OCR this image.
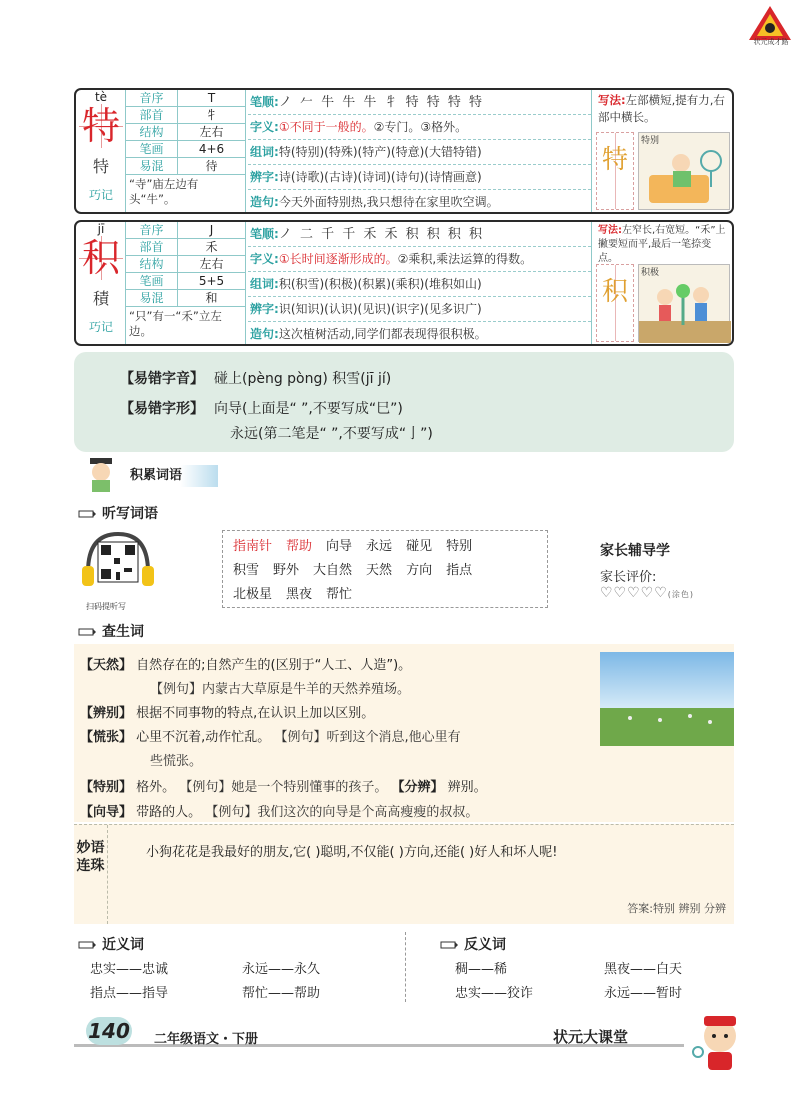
状元成才路
tè
特
特
巧记
音序	T
部首	牜
结构	左右
笔画	4+6
易混	待
“寺”庙左边有头“牛”。
笔顺:ノ 𠂉 牛 牛 牛 牜 特 特 特 特
字义:①不同于一般的。②专门。③格外。
组词:特(特别)(特殊)(特产)(特意)(大错特错)
辨字:诗(诗歌)(古诗)(诗词)(诗句)(诗情画意)
造句:今天外面特别热,我只想待在家里吹空调。
写法:左部横短,提有力,右部中横长。
特
特别
jī
积
積
巧记
音序	J
部首	禾
结构	左右
笔画	5+5
易混	和
“只”有一“禾”立左边。
笔顺:ノ 二 千 千 禾 禾 积 积 积 积
字义:①长时间逐渐形成的。②乘积,乘法运算的得数。
组词:积(积雪)(积极)(积累)(乘积)(堆积如山)
辨字:识(知识)(认识)(见识)(识字)(见多识广)
造句:这次植树活动,同学们都表现得很积极。
写法:左窄长,右宽短。“禾”上撇要短而平,最后一笔捺变点。
积
积极
【易错字音】 碰上(pèng pòng) 积雪(jī jí)
【易错字形】 向导(上面是“ ”,不要写成“巳”)
永远(第二笔是“ ”,不要写成“亅”)
积累词语
听写词语
扫码提听写
指南针 帮助 向导 永远 碰见 特别
积雪 野外 大自然 天然 方向 指点
北极星 黑夜 帮忙
家长辅导学
家长评价:
♡♡♡♡♡(涂色)
查生词
【天然】 自然存在的;自然产生的(区别于“人工、人造”)。
【例句】内蒙古大草原是牛羊的天然养殖场。
【辨别】 根据不同事物的特点,在认识上加以区别。
【慌张】 心里不沉着,动作忙乱。 【例句】听到这个消息,他心里有
些慌张。
【特别】 格外。 【例句】她是一个特别懂事的孩子。 【分辨】 辨别。
【向导】 带路的人。 【例句】我们这次的向导是个高高瘦瘦的叔叔。
妙语连珠
小狗花花是我最好的朋友,它( )聪明,不仅能( )方向,还能( )好人和坏人呢!
答案:特别 辨别 分辨
近义词
忠实——忠诚	永远——永久
指点——指导	帮忙——帮助
反义词
稠——稀	黑夜——白天
忠实——狡诈	永远——暂时
140 二年级语文・下册	状元大课堂
